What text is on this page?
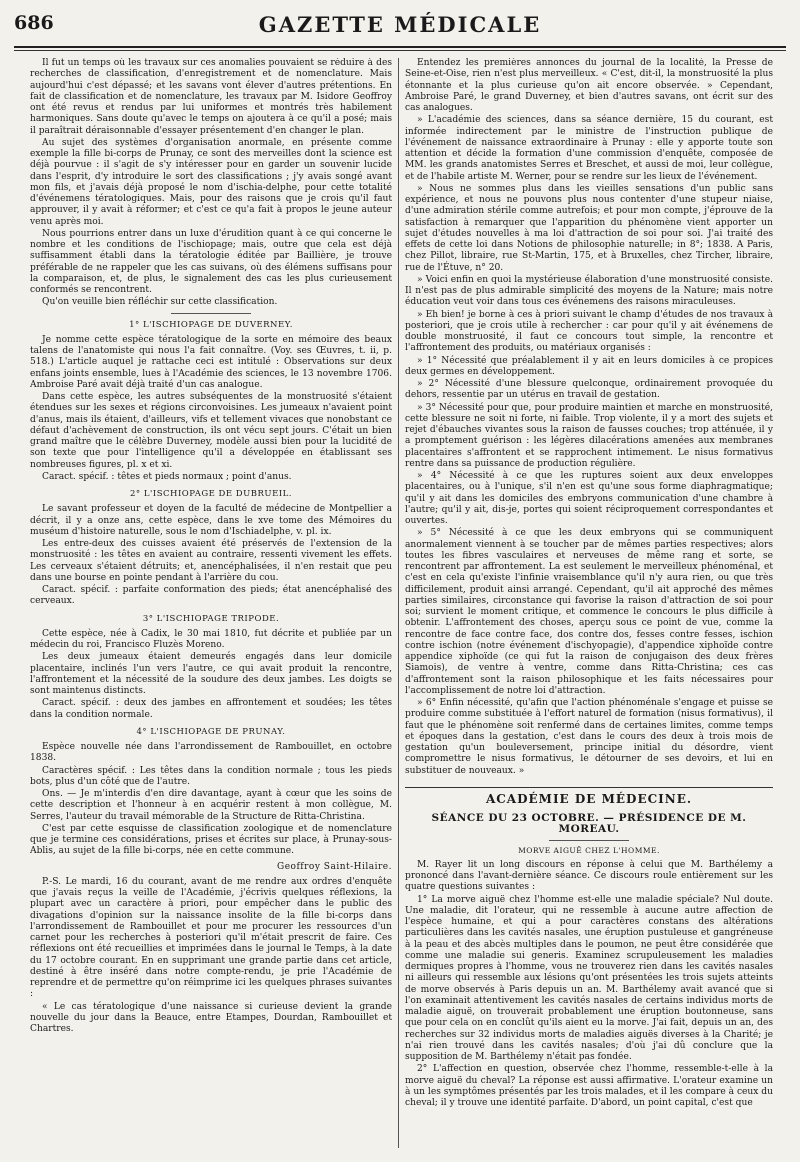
686	GAZETTE MÉDICALE

Il fut un temps où les travaux sur ces anomalies pouvaient se réduire à des recherches de classification, d'enregistrement et de nomenclature. Mais aujourd'hui c'est dépassé; et les savans vont élever d'autres prétentions. En fait de classification et de nomenclature, les travaux par M. Isidore Geoffroy ont été revus et rendus par lui uniformes et montrés très habilement harmoniques. Sans doute qu'avec le temps on ajoutera à ce qu'il a posé; mais il paraîtrait déraisonnable d'essayer présentement d'en changer le plan.

Au sujet des systèmes d'organisation anormale, en présente comme exemple la fille bi-corps de Prunay, ce sont des merveilles dont la science est déjà pourvue : il s'agit de s'y intéresser pour en garder un souvenir lucide dans l'esprit, d'y introduire le sort des classifications ; j'y avais songé avant mon fils, et j'avais déjà proposé le nom d'ischia-delphe, pour cette totalité d'événemens tératologiques. Mais, pour des raisons que je crois qu'il faut approuver, il y avait à réformer; et c'est ce qu'a fait à propos le jeune auteur venu après moi.

Nous pourrions entrer dans un luxe d'érudition quant à ce qui concerne le nombre et les conditions de l'ischiopage; mais, outre que cela est déjà suffisamment établi dans la tératologie éditée par Baillière, je trouve préférable de ne rappeler que les cas suivans, où des élémens suffisans pour la comparaison, et, de plus, le signalement des cas les plus curieusement conformés se rencontrent.

Qu'on veuille bien réfléchir sur cette classification.

1° L'ISCHIOPAGE DE DUVERNEY.

Je nomme cette espèce tératologique de la sorte en mémoire des beaux talens de l'anatomiste qui nous l'a fait connaître. (Voy. ses Œuvres, t. ii, p. 518.) L'article auquel je rattache ceci est intitulé : Observations sur deux enfans joints ensemble, lues à l'Académie des sciences, le 13 novembre 1706. Ambroise Paré avait déjà traité d'un cas analogue.

Dans cette espèce, les autres subséquentes de la monstruosité s'étaient étendues sur les sexes et régions circonvoisines. Les jumeaux n'avaient point d'anus, mais ils étaient, d'ailleurs, vifs et tellement vivaces que nonobstant ce défaut d'achèvement de construction, ils ont vécu sept jours. C'était un bien grand maître que le célèbre Duverney, modèle aussi bien pour la lucidité de son texte que pour l'intelligence qu'il a développée en établissant ses nombreuses figures, pl. x et xi.

Caract. spécif. : têtes et pieds normaux ; point d'anus.

2° L'ISCHIOPAGE DE DUBRUEIL.

Le savant professeur et doyen de la faculté de médecine de Montpellier a décrit, il y a onze ans, cette espèce, dans le xve tome des Mémoires du muséum d'histoire naturelle, sous le nom d'Ischiadelphe, v. pl. ix.

Les entre-deux des cuisses avaient été préservés de l'extension de la monstruosité : les têtes en avaient au contraire, ressenti vivement les effets. Les cerveaux s'étaient détruits; et, anencéphalisées, il n'en restait que peu dans une bourse en pointe pendant à l'arrière du cou.

Caract. spécif. : parfaite conformation des pieds; état anencéphalisé des cerveaux.

3° L'ISCHIOPAGE TRIPODE.

Cette espèce, née à Cadix, le 30 mai 1810, fut décrite et publiée par un médecin du roi, Francisco Fluzès Moreno.

Les deux jumeaux étaient demeurés engagés dans leur domicile placentaire, inclinés l'un vers l'autre, ce qui avait produit la rencontre, l'affrontement et la nécessité de la soudure des deux jambes. Les doigts se sont maintenus distincts.

Caract. spécif. : deux des jambes en affrontement et soudées; les têtes dans la condition normale.

4° L'ISCHIOPAGE DE PRUNAY.

Espèce nouvelle née dans l'arrondissement de Rambouillet, en octobre 1838.

Caractères spécif. : Les têtes dans la condition normale ; tous les pieds bots, plus d'un côté que de l'autre.

Ons. — Je m'interdis d'en dire davantage, ayant à cœur que les soins de cette description et l'honneur à en acquérir restent à mon collègue, M. Serres, l'auteur du travail mémorable de la Structure de Ritta-Christina.

C'est par cette esquisse de classification zoologique et de nomenclature que je termine ces considérations, prises et écrites sur place, à Prunay-sous-Ablis, au sujet de la fille bi-corps, née en cette commune.

Geoffroy Saint-Hilaire.

P.-S. Le mardi, 16 du courant, avant de me rendre aux ordres d'enquête que j'avais reçus la veille de l'Académie, j'écrivis quelques réflexions, la plupart avec un caractère à priori, pour empêcher dans le public des divagations d'opinion sur la naissance insolite de la fille bi-corps dans l'arrondissement de Rambouillet et pour me procurer les ressources d'un carnet pour les recherches à posteriori qu'il m'était prescrit de faire. Ces réflexions ont été recueillies et imprimées dans le journal le Temps, à la date du 17 octobre courant. En en supprimant une grande partie dans cet article, destiné à être inséré dans notre compte-rendu, je prie l'Académie de reprendre et de permettre qu'on réimprime ici les quelques phrases suivantes :

« Le cas tératologique d'une naissance si curieuse devient la grande nouvelle du jour dans la Beauce, entre Etampes, Dourdan, Rambouillet et Chartres.

Entendez les premières annonces du journal de la localité, la Presse de Seine-et-Oise, rien n'est plus merveilleux. « C'est, dit-il, la monstruosité la plus étonnante et la plus curieuse qu'on ait encore observée. » Cependant, Ambroise Paré, le grand Duverney, et bien d'autres savans, ont écrit sur des cas analogues.

» L'académie des sciences, dans sa séance dernière, 15 du courant, est informée indirectement par le ministre de l'instruction publique de l'événement de naissance extraordinaire à Prunay : elle y apporte toute son attention et décide la formation d'une commission d'enquête, composée de MM. les grands anatomistes Serres et Breschet, et aussi de moi, leur collègue, et de l'habile artiste M. Werner, pour se rendre sur les lieux de l'événement.

» Nous ne sommes plus dans les vieilles sensations d'un public sans expérience, et nous ne pouvons plus nous contenter d'une stupeur niaise, d'une admiration stérile comme autrefois; et pour mon compte, j'éprouve de la satisfaction à remarquer que l'apparition du phénomène vient apporter un sujet d'études nouvelles à ma loi d'attraction de soi pour soi. J'ai traité des effets de cette loi dans Notions de philosophie naturelle; in 8°; 1838. A Paris, chez Pillot, libraire, rue St-Martin, 175, et à Bruxelles, chez Tircher, libraire, rue de l'Étuve, n° 20.

» Voici enfin en quoi la mystérieuse élaboration d'une monstruosité consiste. Il n'est pas de plus admirable simplicité des moyens de la Nature; mais notre éducation veut voir dans tous ces événemens des raisons miraculeuses.

» Eh bien! je borne à ces à priori suivant le champ d'études de nos travaux à posteriori, que je crois utile à rechercher : car pour qu'il y ait événemens de double monstruosité, il faut ce concours tout simple, la rencontre et l'affrontement des produits, ou matériaux organisés :

» 1° Nécessité que préalablement il y ait en leurs domiciles à ce propices deux germes en développement.

» 2° Nécessité d'une blessure quelconque, ordinairement provoquée du dehors, ressentie par un utérus en travail de gestation.

» 3° Nécessité pour que, pour produire maintien et marche en monstruosité, cette blessure ne soit ni forte, ni faible. Trop violente, il y a mort des sujets et rejet d'ébauches vivantes sous la raison de fausses couches; trop atténuée, il y a promptement guérison : les légères dilacérations amenées aux membranes placentaires s'affrontent et se rapprochent intimement. Le nisus formativus rentre dans sa puissance de production régulière.

» 4° Nécessité à ce que les ruptures soient aux deux enveloppes placentaires, ou à l'unique, s'il n'en est qu'une sous forme diaphragmatique; qu'il y ait dans les domiciles des embryons communication d'une chambre à l'autre; qu'il y ait, dis-je, portes qui soient réciproquement correspondantes et ouvertes.

» 5° Nécessité à ce que les deux embryons qui se communiquent anormalement viennent à se toucher par de mêmes parties respectives; alors toutes les fibres vasculaires et nerveuses de même rang et sorte, se rencontrent par affrontement. La est seulement le merveilleux phénoménal, et c'est en cela qu'existe l'infinie vraisemblance qu'il n'y aura rien, ou que très difficilement, produit ainsi arrangé. Cependant, qu'il ait approché des mêmes parties similaires, circonstance qui favorise la raison d'attraction de soi pour soi; survient le moment critique, et commence le concours le plus difficile à obtenir. L'affrontement des choses, aperçu sous ce point de vue, comme la rencontre de face contre face, dos contre dos, fesses contre fesses, ischion contre ischion (notre événement d'ischyopagie), d'appendice xiphoïde contre appendice xiphoïde (ce qui fut la raison de conjugaison des deux frères Siamois), de ventre à ventre, comme dans Ritta-Christina; ces cas d'affrontement sont la raison philosophique et les faits nécessaires pour l'accomplissement de notre loi d'attraction.

» 6° Enfin nécessité, qu'afin que l'action phénoménale s'engage et puisse se produire comme substituée à l'effort naturel de formation (nisus formativus), il faut que le phénomène soit renfermé dans de certaines limites, comme temps et époques dans la gestation, c'est dans le cours des deux à trois mois de gestation qu'un bouleversement, principe initial du désordre, vient compromettre le nisus formativus, le détourner de ses devoirs, et lui en substituer de nouveaux. »

ACADÉMIE DE MÉDECINE.

SÉANCE DU 23 OCTOBRE. — PRÉSIDENCE DE M. MOREAU.

MORVE AIGUË CHEZ L'HOMME.

M. Rayer lit un long discours en réponse à celui que M. Barthélemy a prononcé dans l'avant-dernière séance. Ce discours roule entièrement sur les quatre questions suivantes :

1° La morve aiguë chez l'homme est-elle une maladie spéciale? Nul doute. Une maladie, dit l'orateur, qui ne ressemble à aucune autre affection de l'espèce humaine, et qui a pour caractères constans des altérations particulières dans les cavités nasales, une éruption pustuleuse et gangréneuse à la peau et des abcès multiples dans le poumon, ne peut être considérée que comme une maladie sui generis. Examinez scrupuleusement les maladies dermiques propres à l'homme, vous ne trouverez rien dans les cavités nasales ni ailleurs qui ressemble aux lésions qu'ont présentées les trois sujets atteints de morve observés à Paris depuis un an. M. Barthélemy avait avancé que si l'on examinait attentivement les cavités nasales de certains individus morts de maladie aiguë, on trouverait probablement une éruption boutonneuse, sans que pour cela on en conclût qu'ils aient eu la morve. J'ai fait, depuis un an, des recherches sur 32 individus morts de maladies aiguës diverses à la Charité; je n'ai rien trouvé dans les cavités nasales; d'où j'ai dû conclure que la supposition de M. Barthélemy n'était pas fondée.

2° L'affection en question, observée chez l'homme, ressemble-t-elle à la morve aiguë du cheval? La réponse est aussi affirmative. L'orateur examine un à un les symptômes présentés par les trois malades, et il les compare à ceux du cheval; il y trouve une identité parfaite. D'abord, un point capital, c'est que
